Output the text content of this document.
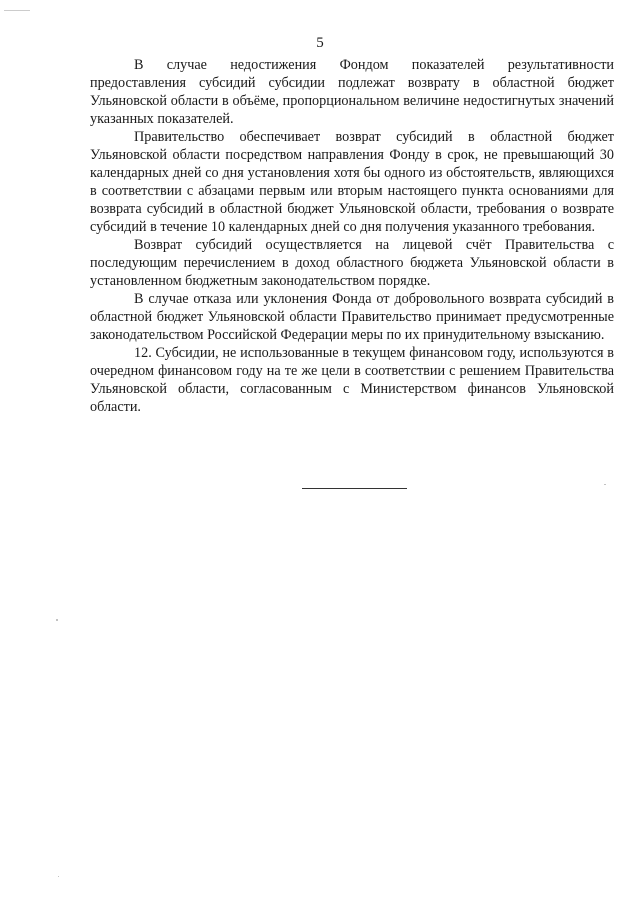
5

В случае недостижения Фондом показателей результативности предоставления субсидий субсидии подлежат возврату в областной бюджет Ульяновской области в объёме, пропорциональном величине недостигнутых значений указанных показателей.

Правительство обеспечивает возврат субсидий в областной бюджет Ульяновской области посредством направления Фонду в срок, не превышающий 30 календарных дней со дня установления хотя бы одного из обстоятельств, являющихся в соответствии с абзацами первым или вторым настоящего пункта основаниями для возврата субсидий в областной бюджет Ульяновской области, требования о возврате субсидий в течение 10 календарных дней со дня получения указанного требования.

Возврат субсидий осуществляется на лицевой счёт Правительства с последующим перечислением в доход областного бюджета Ульяновской области в установленном бюджетным законодательством порядке.

В случае отказа или уклонения Фонда от добровольного возврата субсидий в областной бюджет Ульяновской области Правительство принимает предусмотренные законодательством Российской Федерации меры по их принудительному взысканию.

12. Субсидии, не использованные в текущем финансовом году, используются в очередном финансовом году на те же цели в соответствии с решением Правительства Ульяновской области, согласованным с Министерством финансов Ульяновской области.
